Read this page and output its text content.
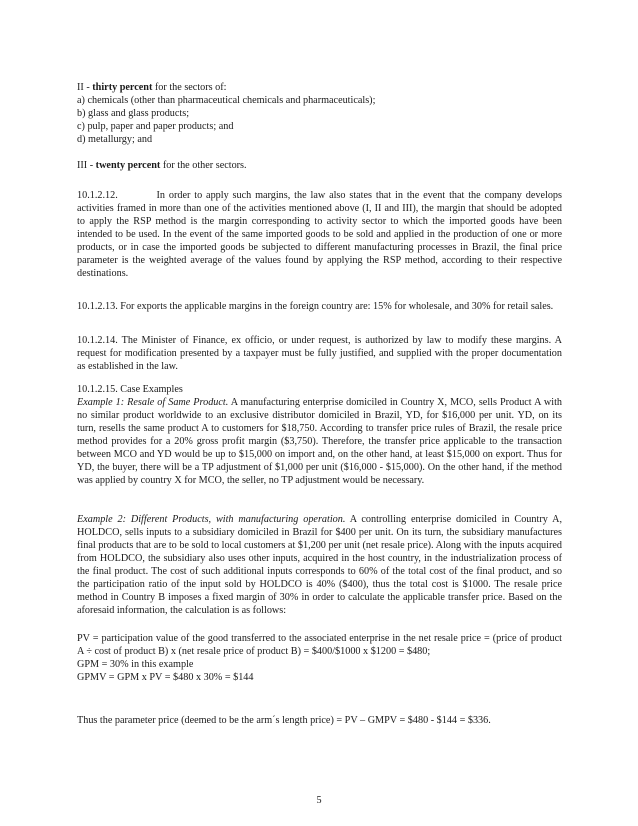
II - thirty percent for the sectors of:
a) chemicals (other than pharmaceutical chemicals and pharmaceuticals);
b) glass and glass products;
c) pulp, paper and paper products; and
d) metallurgy; and
III - twenty percent for the other sectors.

10.1.2.12.          In order to apply such margins, the law also states that in the event that the company develops activities framed in more than one of the activities mentioned above (I, II and III), the margin that should be adopted to apply the RSP method is the margin corresponding to activity sector to which the imported goods have been intended to be used. In the event of the same imported goods to be sold and applied in the production of one or more products, or in case the imported goods be subjected to different manufacturing processes in Brazil, the final price parameter is the weighted average of the values found by applying the RSP method, according to their respective destinations.

10.1.2.13. For exports the applicable margins in the foreign country are: 15% for wholesale, and 30% for retail sales.

10.1.2.14. The Minister of Finance, ex officio, or under request, is authorized by law to modify these margins. A request for modification presented by a taxpayer must be fully justified, and supplied with the proper documentation as established in the law.

10.1.2.15. Case Examples
Example 1: Resale of Same Product. A manufacturing enterprise domiciled in Country X, MCO, sells Product A with no similar product worldwide to an exclusive distributor domiciled in Brazil, YD, for $16,000 per unit. YD, on its turn, resells the same product A to customers for $18,750. According to transfer price rules of Brazil, the resale price method provides for a 20% gross profit margin ($3,750). Therefore, the transfer price applicable to the transaction between MCO and YD would be up to $15,000 on import and, on the other hand, at least $15,000 on export. Thus for YD, the buyer, there will be a TP adjustment of $1,000 per unit ($16,000 - $15,000). On the other hand, if the method was applied by country X for MCO, the seller, no TP adjustment would be necessary.

Example 2: Different Products, with manufacturing operation. A controlling enterprise domiciled in Country A, HOLDCO, sells inputs to a subsidiary domiciled in Brazil for $400 per unit. On its turn, the subsidiary manufactures final products that are to be sold to local customers at $1,200 per unit (net resale price). Along with the inputs acquired from HOLDCO, the subsidiary also uses other inputs, acquired in the host country, in the industrialization process of the final product. The cost of such additional inputs corresponds to 60% of the total cost of the final product, and so the participation ratio of the input sold by HOLDCO is 40% ($400), thus the total cost is $1000. The resale price method in Country B imposes a fixed margin of 30% in order to calculate the applicable transfer price. Based on the aforesaid information, the calculation is as follows:

PV = participation value of the good transferred to the associated enterprise in the net resale price = (price of product A ÷ cost of product B) x (net resale price of product B) = $400/$1000 x $1200 = $480;
GPM = 30% in this example
GPMV = GPM x PV = $480 x 30% = $144

Thus the parameter price (deemed to be the arm´s length price) = PV – GMPV = $480 - $144 = $336.

5
